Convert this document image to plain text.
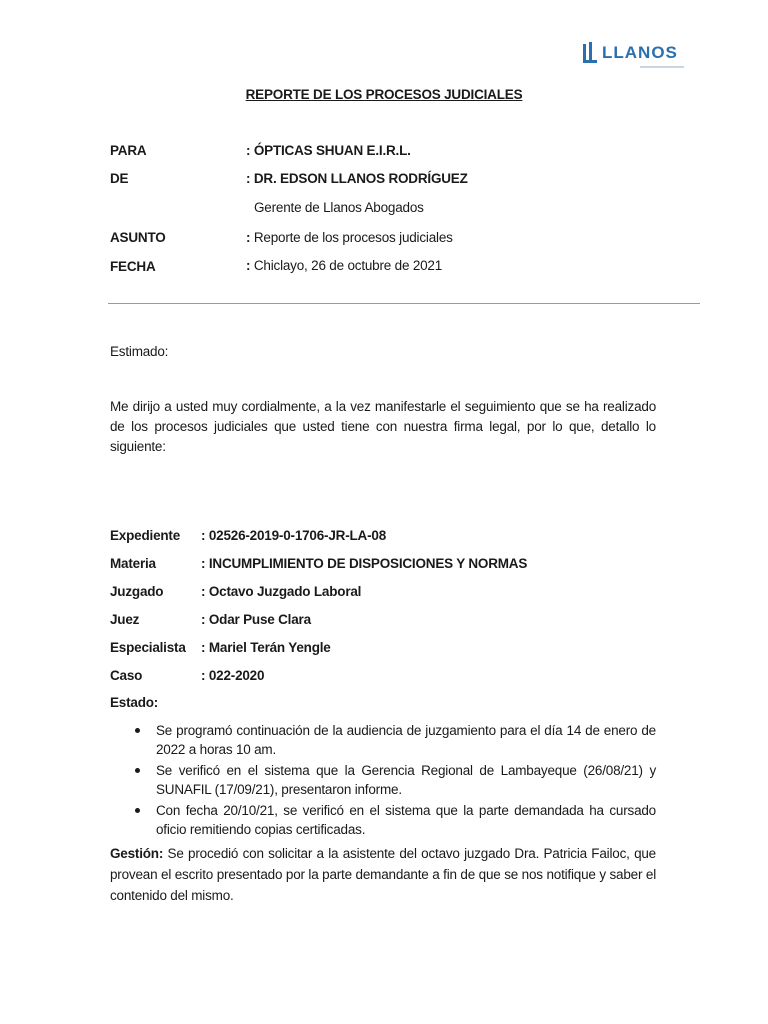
LLANOS
REPORTE DE LOS PROCESOS JUDICIALES
PARA	: ÓPTICAS SHUAN E.I.R.L.
DE	: DR. EDSON LLANOS RODRÍGUEZ
Gerente de Llanos Abogados
ASUNTO	: Reporte de los procesos judiciales
FECHA	: Chiclayo, 26 de octubre de 2021
Estimado:
Me dirijo a usted muy cordialmente, a la vez manifestarle el seguimiento que se ha realizado de los procesos judiciales que usted tiene con nuestra firma legal, por lo que, detallo lo siguiente:
Expediente : 02526-2019-0-1706-JR-LA-08
Materia	: INCUMPLIMIENTO DE DISPOSICIONES Y NORMAS
Juzgado	: Octavo Juzgado Laboral
Juez	: Odar Puse Clara
Especialista : Mariel Terán Yengle
Caso	: 022-2020
Estado:
Se programó continuación de la audiencia de juzgamiento para el día 14 de enero de 2022 a horas 10 am.
Se verificó en el sistema que la Gerencia Regional de Lambayeque (26/08/21) y SUNAFIL (17/09/21), presentaron informe.
Con fecha 20/10/21, se verificó en el sistema que la parte demandada ha cursado oficio remitiendo copias certificadas.
Gestión: Se procedió con solicitar a la asistente del octavo juzgado Dra. Patricia Failoc, que provean el escrito presentado por la parte demandante a fin de que se nos notifique y saber el contenido del mismo.
